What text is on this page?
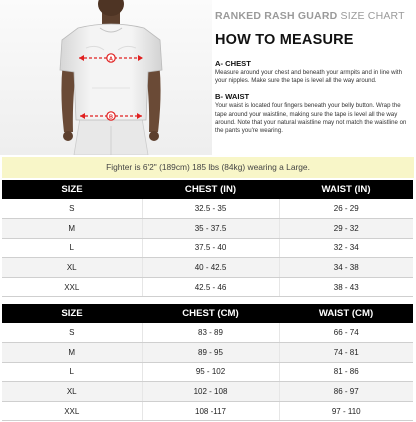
A
B
RANKED RASH GUARD SIZE CHART
HOW TO MEASURE
A- CHEST
Measure around your chest and beneath your armpits and in line with your nipples. Make sure the tape is level all the way around.
B- WAIST
Your waist is located four fingers beneath your belly button. Wrap the tape around your waistline, making sure the tape is level all the way around. Note that your natural waistline may not match the waistline on the pants you're wearing.
Fighter is 6'2" (189cm) 185 lbs (84kg) wearing a Large.
SIZE	CHEST (IN)	WAIST (IN)
S	32.5 - 35	26 - 29
M	35 - 37.5	29 - 32
L	37.5 - 40	32 - 34
XL	40 - 42.5	34 - 38
XXL	42.5 - 46	38 - 43
SIZE	CHEST (CM)	WAIST (CM)
S	83 - 89	66 - 74
M	89 - 95	74 - 81
L	95 - 102	81 - 86
XL	102 - 108	86 - 97
XXL	108 -117	97 - 110
